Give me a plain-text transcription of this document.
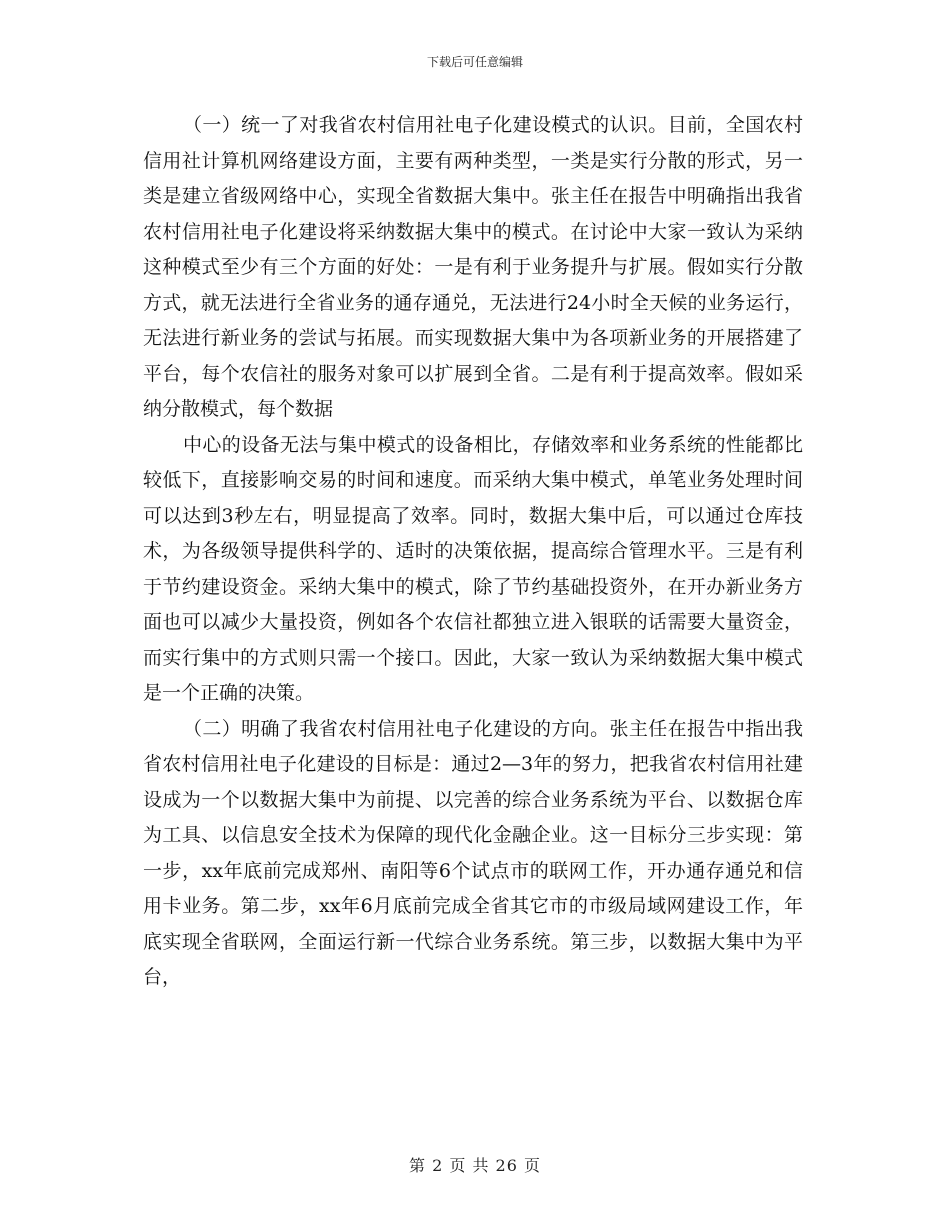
下载后可任意编辑

（一）统一了对我省农村信用社电子化建设模式的认识。目前，全国农村信用社计算机网络建设方面，主要有两种类型，一类是实行分散的形式，另一类是建立省级网络中心，实现全省数据大集中。张主任在报告中明确指出我省农村信用社电子化建设将采纳数据大集中的模式。在讨论中大家一致认为采纳这种模式至少有三个方面的好处：一是有利于业务提升与扩展。假如实行分散方式，就无法进行全省业务的通存通兑，无法进行24小时全天候的业务运行，无法进行新业务的尝试与拓展。而实现数据大集中为各项新业务的开展搭建了平台，每个农信社的服务对象可以扩展到全省。二是有利于提高效率。假如采纳分散模式，每个数据

中心的设备无法与集中模式的设备相比，存储效率和业务系统的性能都比较低下，直接影响交易的时间和速度。而采纳大集中模式，单笔业务处理时间可以达到3秒左右，明显提高了效率。同时，数据大集中后，可以通过仓库技术，为各级领导提供科学的、适时的决策依据，提高综合管理水平。三是有利于节约建设资金。采纳大集中的模式，除了节约基础投资外，在开办新业务方面也可以减少大量投资，例如各个农信社都独立进入银联的话需要大量资金，而实行集中的方式则只需一个接口。因此，大家一致认为采纳数据大集中模式是一个正确的决策。

（二）明确了我省农村信用社电子化建设的方向。张主任在报告中指出我省农村信用社电子化建设的目标是：通过2—3年的努力，把我省农村信用社建设成为一个以数据大集中为前提、以完善的综合业务系统为平台、以数据仓库为工具、以信息安全技术为保障的现代化金融企业。这一目标分三步实现：第一步，xx年底前完成郑州、南阳等6个试点市的联网工作，开办通存通兑和信用卡业务。第二步，xx年6月底前完成全省其它市的市级局域网建设工作，年底实现全省联网，全面运行新一代综合业务系统。第三步，以数据大集中为平台，

第 2 页 共 26 页
